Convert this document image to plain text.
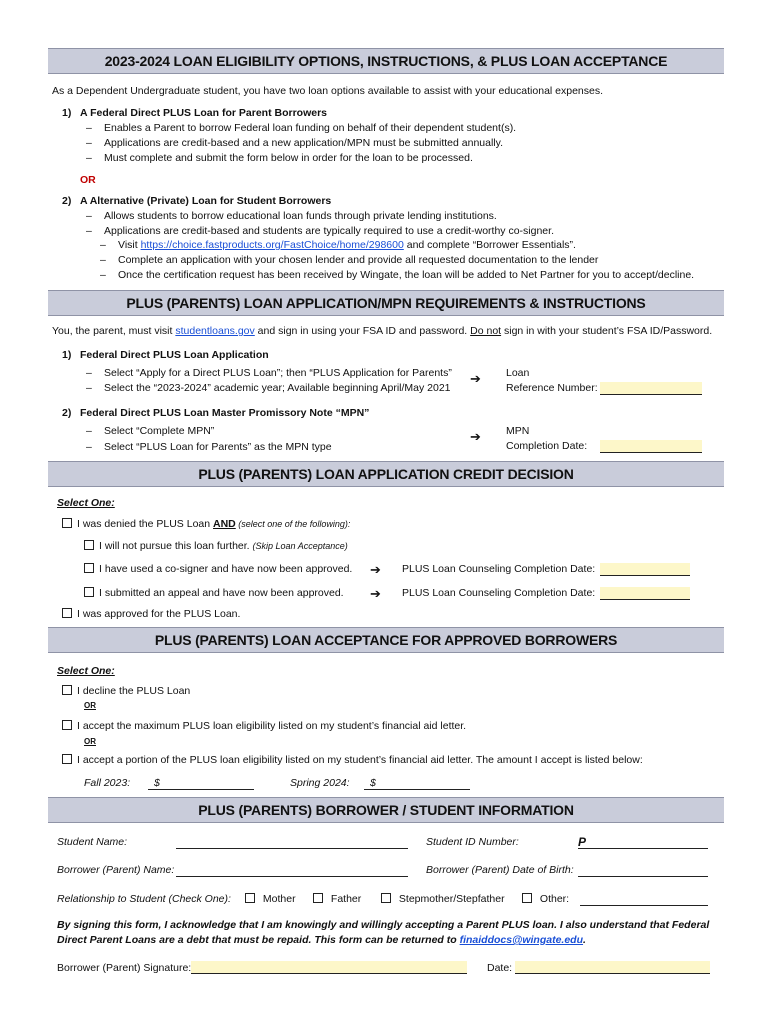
2023-2024 LOAN ELIGIBILITY OPTIONS, INSTRUCTIONS, & PLUS LOAN ACCEPTANCE
As a Dependent Undergraduate student, you have two loan options available to assist with your educational expenses.
1) A Federal Direct PLUS Loan for Parent Borrowers
– Enables a Parent to borrow Federal loan funding on behalf of their dependent student(s).
– Applications are credit-based and a new application/MPN must be submitted annually.
– Must complete and submit the form below in order for the loan to be processed.
OR
2) A Alternative (Private) Loan for Student Borrowers
– Allows students to borrow educational loan funds through private lending institutions.
– Applications are credit-based and students are typically required to use a credit-worthy co-signer.
– Visit https://choice.fastproducts.org/FastChoice/home/298600 and complete “Borrower Essentials”.
– Complete an application with your chosen lender and provide all requested documentation to the lender
– Once the certification request has been received by Wingate, the loan will be added to Net Partner for you to accept/decline.
PLUS (PARENTS) LOAN APPLICATION/MPN REQUIREMENTS & INSTRUCTIONS
You, the parent, must visit studentloans.gov and sign in using your FSA ID and password. Do not sign in with your student’s FSA ID/Password.
1) Federal Direct PLUS Loan Application
– Select “Apply for a Direct PLUS Loan”; then “PLUS Application for Parents”
– Select the “2023-2024” academic year; Available beginning April/May 2021
➔ Loan
Reference Number:
2) Federal Direct PLUS Loan Master Promissory Note “MPN”
– Select “Complete MPN”
– Select “PLUS Loan for Parents” as the MPN type
➔ MPN
Completion Date:
PLUS (PARENTS) LOAN APPLICATION CREDIT DECISION
Select One:
I was denied the PLUS Loan AND (select one of the following):
I will not pursue this loan further. (Skip Loan Acceptance)
I have used a co-signer and have now been approved. ➔ PLUS Loan Counseling Completion Date:
I submitted an appeal and have now been approved. ➔ PLUS Loan Counseling Completion Date:
I was approved for the PLUS Loan.
PLUS (PARENTS) LOAN ACCEPTANCE FOR APPROVED BORROWERS
Select One:
I decline the PLUS Loan
OR
I accept the maximum PLUS loan eligibility listed on my student’s financial aid letter.
OR
I accept a portion of the PLUS loan eligibility listed on my student’s financial aid letter. The amount I accept is listed below:
Fall 2023: $	Spring 2024: $
PLUS (PARENTS) BORROWER / STUDENT INFORMATION
Student Name:	Student ID Number:	P
Borrower (Parent) Name:	Borrower (Parent) Date of Birth:
Relationship to Student (Check One):	Mother	Father	Stepmother/Stepfather	Other:
By signing this form, I acknowledge that I am knowingly and willingly accepting a Parent PLUS loan. I also understand that Federal
Direct Parent Loans are a debt that must be repaid. This form can be returned to finaiddocs@wingate.edu.
Borrower (Parent) Signature:	Date:
